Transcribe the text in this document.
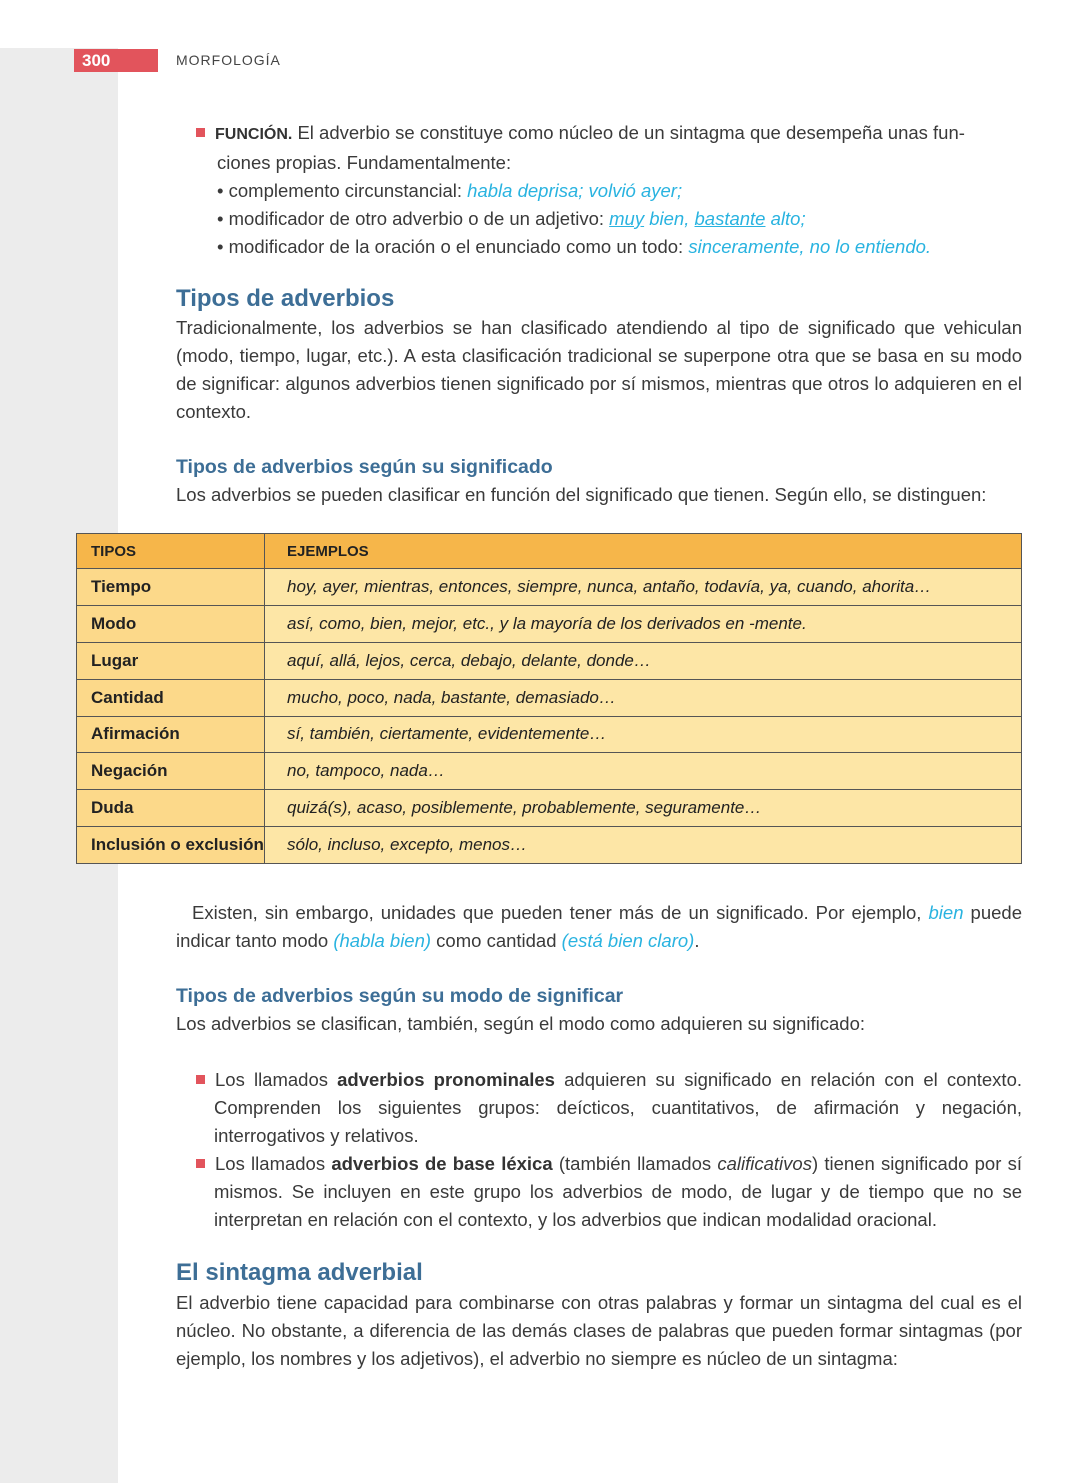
300	MORFOLOGÍA
FUNCIÓN. El adverbio se constituye como núcleo de un sintagma que desempeña unas fun-
ciones propias. Fundamentalmente:
• complemento circunstancial: habla deprisa; volvió ayer;
• modificador de otro adverbio o de un adjetivo: muy bien, bastante alto;
• modificador de la oración o el enunciado como un todo: sinceramente, no lo entiendo.
Tipos de adverbios
Tradicionalmente, los adverbios se han clasificado atendiendo al tipo de significado que vehiculan (modo, tiempo, lugar, etc.). A esta clasificación tradicional se superpone otra que se basa en su modo de significar: algunos adverbios tienen significado por sí mismos, mientras que otros lo adquieren en el contexto.
Tipos de adverbios según su significado
Los adverbios se pueden clasificar en función del significado que tienen. Según ello, se distinguen:
TIPOS	EJEMPLOS
Tiempo	hoy, ayer, mientras, entonces, siempre, nunca, antaño, todavía, ya, cuando, ahorita…
Modo	así, como, bien, mejor, etc., y la mayoría de los derivados en -mente.
Lugar	aquí, allá, lejos, cerca, debajo, delante, donde…
Cantidad	mucho, poco, nada, bastante, demasiado…
Afirmación	sí, también, ciertamente, evidentemente…
Negación	no, tampoco, nada…
Duda	quizá(s), acaso, posiblemente, probablemente, seguramente…
Inclusión o exclusión	sólo, incluso, excepto, menos…
Existen, sin embargo, unidades que pueden tener más de un significado. Por ejemplo, bien puede indicar tanto modo (habla bien) como cantidad (está bien claro).
Tipos de adverbios según su modo de significar
Los adverbios se clasifican, también, según el modo como adquieren su significado:
Los llamados adverbios pronominales adquieren su significado en relación con el contexto. Comprenden los siguientes grupos: deícticos, cuantitativos, de afirmación y negación, interrogativos y relativos.
Los llamados adverbios de base léxica (también llamados calificativos) tienen significado por sí mismos. Se incluyen en este grupo los adverbios de modo, de lugar y de tiempo que no se interpretan en relación con el contexto, y los adverbios que indican modalidad oracional.
El sintagma adverbial
El adverbio tiene capacidad para combinarse con otras palabras y formar un sintagma del cual es el núcleo. No obstante, a diferencia de las demás clases de palabras que pueden formar sintagmas (por ejemplo, los nombres y los adjetivos), el adverbio no siempre es núcleo de un sintagma:
